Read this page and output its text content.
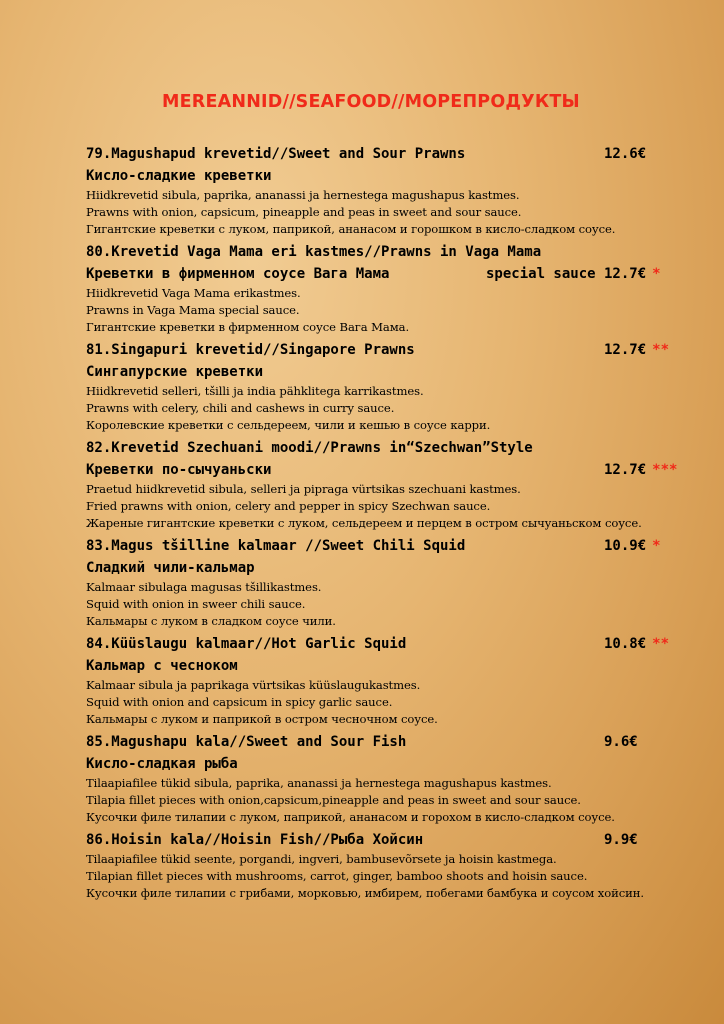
MEREANNID//SEAFOOD//МОРЕПРОДУКТЫ
79.Magushapud krevetid//Sweet and Sour Prawns	12.6€
Кисло-сладкие креветки
Hiidkrevetid sibula, paprika, ananassi ja hernestega magushapus kastmes.
Prawns with onion, capsicum, pineapple and peas in sweet and sour sauce.
Гигантские креветки с луком, паприкой, ананасом и горошком в кисло-сладком соусе.
80.Krevetid Vaga Mama eri kastmes//Prawns in Vaga Mama
Креветки в фирменном соусе Вага Мама	special sauce 12.7€ *
Hiidkrevetid Vaga Mama erikastmes.
Prawns in Vaga Mama special sauce.
Гигантские креветки в фирменном соусе Вага Мама.
81.Singapuri krevetid//Singapore Prawns	12.7€ **
Сингапурские креветки
Hiidkrevetid selleri, tšilli ja india pähklitega karrikastmes.
Prawns with celery, chili and cashews in curry sauce.
Королевские креветки с сельдереем, чили и кешью в соусе карри.
82.Krevetid Szechuani moodi//Prawns in“Szechwan”Style
Креветки по-сычуаньски	12.7€ ***
Praetud hiidkrevetid sibula, selleri ja pipraga vürtsikas szechuani kastmes.
Fried prawns with onion, celery and pepper in spicy Szechwan sauce.
Жареные гигантские креветки с луком, сельдереем и перцем в остром сычуаньском соусе.
83.Magus tšilline kalmaar //Sweet Chili Squid	10.9€ *
Сладкий чили-кальмар
Kalmaar sibulaga magusas tšillikastmes.
Squid with onion in sweer chili sauce.
Кальмары с луком в сладком соусе чили.
84.Küüslaugu kalmaar//Hot Garlic Squid	10.8€ **
Кальмар с чесноком
Kalmaar sibula ja paprikaga vürtsikas küüslaugukastmes.
Squid with onion and capsicum in spicy garlic sauce.
Кальмары с луком и паприкой в остром чесночном соусе.
85.Magushapu kala//Sweet and Sour Fish	9.6€
Кисло-сладкая рыба
Tilaapiafilee tükid sibula, paprika, ananassi ja hernestega magushapus kastmes.
Tilapia fillet pieces with onion,capsicum,pineapple and peas in sweet and sour sauce.
Кусочки филе тилапии с луком, паприкой, ананасом и горохом в кисло-сладком соусе.
86.Hoisin kala//Hoisin Fish//Рыба Хойсин	9.9€
Tilaapiafilee tükid seente, porgandi, ingveri, bambusevõrsete ja hoisin kastmega.
Tilapian fillet pieces with mushrooms, carrot, ginger, bamboo shoots and hoisin sauce.
Кусочки филе тилапии с грибами, морковью, имбирем, побегами бамбука и соусом хойсин.
